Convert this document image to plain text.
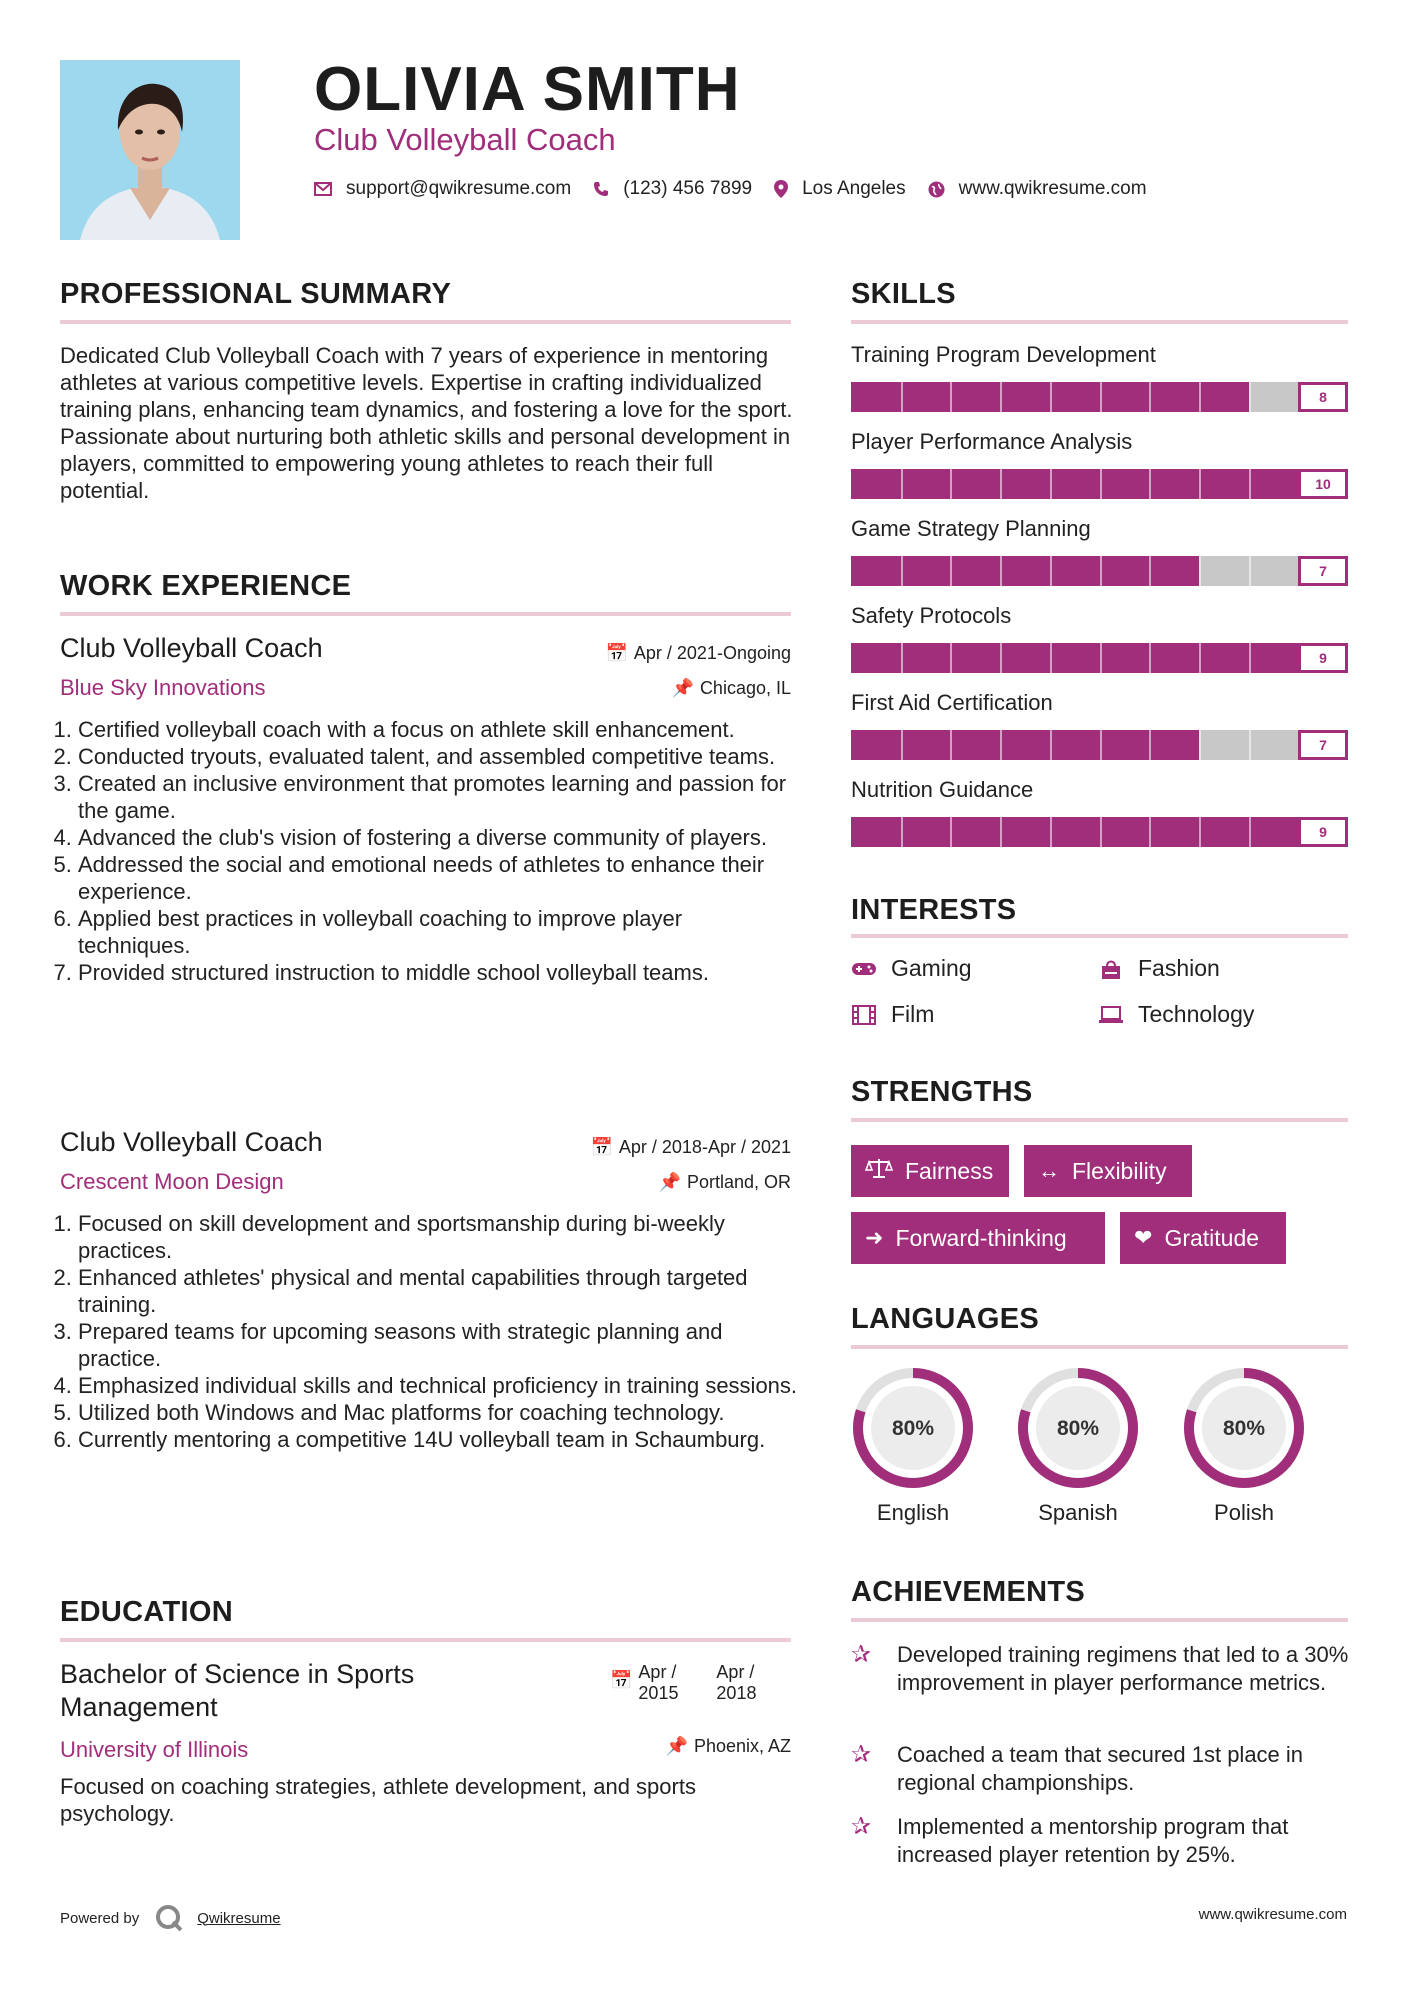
OLIVIA SMITH
Club Volleyball Coach
support@qwikresume.com	(123) 456 7899	Los Angeles	www.qwikresume.com
PROFESSIONAL SUMMARY
Dedicated Club Volleyball Coach with 7 years of experience in mentoring athletes at various competitive levels. Expertise in crafting individualized training plans, enhancing team dynamics, and fostering a love for the sport. Passionate about nurturing both athletic skills and personal development in players, committed to empowering young athletes to reach their full potential.
WORK EXPERIENCE
Club Volleyball Coach	📅 Apr / 2021-Ongoing
Blue Sky Innovations	📌 Chicago, IL
1. Certified volleyball coach with a focus on athlete skill enhancement.
2. Conducted tryouts, evaluated talent, and assembled competitive teams.
3. Created an inclusive environment that promotes learning and passion for the game.
4. Advanced the club's vision of fostering a diverse community of players.
5. Addressed the social and emotional needs of athletes to enhance their experience.
6. Applied best practices in volleyball coaching to improve player techniques.
7. Provided structured instruction to middle school volleyball teams.
Club Volleyball Coach	📅 Apr / 2018-Apr / 2021
Crescent Moon Design	📌 Portland, OR
1. Focused on skill development and sportsmanship during bi-weekly practices.
2. Enhanced athletes' physical and mental capabilities through targeted training.
3. Prepared teams for upcoming seasons with strategic planning and practice.
4. Emphasized individual skills and technical proficiency in training sessions.
5. Utilized both Windows and Mac platforms for coaching technology.
6. Currently mentoring a competitive 14U volleyball team in Schaumburg.
EDUCATION
Bachelor of Science in Sports Management
📅 Apr / 2015
Apr / 2018
University of Illinois	📌 Phoenix, AZ
Focused on coaching strategies, athlete development, and sports psychology.
SKILLS
Training Program Development
8
Player Performance Analysis
10
Game Strategy Planning
7
Safety Protocols
9
First Aid Certification
7
Nutrition Guidance
9
INTERESTS
Gaming	Fashion
Film	Technology
STRENGTHS
Fairness ↔ Flexibility
➜ Forward-thinking	❤ Gratitude
LANGUAGES
80%
English
80%
Spanish
80%
Polish
ACHIEVEMENTS
✰	Developed training regimens that led to a 30% improvement in player performance metrics.
✰	Coached a team that secured 1st place in regional championships.
✰	Implemented a mentorship program that increased player retention by 25%.
Powered by	Qwikresume	www.qwikresume.com
